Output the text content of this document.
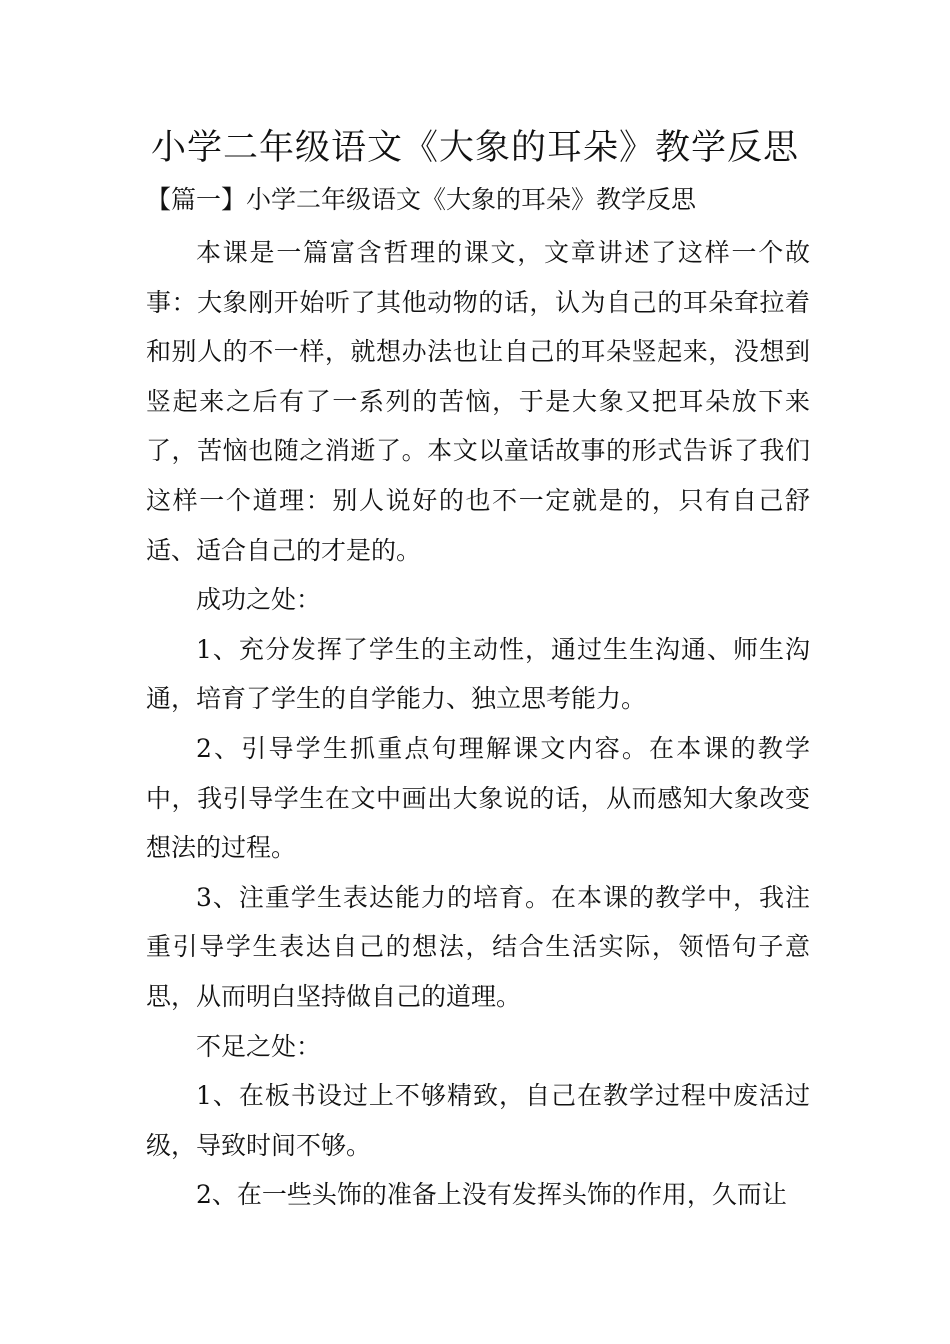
小学二年级语文《大象的耳朵》教学反思

【篇一】小学二年级语文《大象的耳朵》教学反思

本课是一篇富含哲理的课文，文章讲述了这样一个故事：大象刚开始听了其他动物的话，认为自己的耳朵耷拉着和别人的不一样，就想办法也让自己的耳朵竖起来，没想到竖起来之后有了一系列的苦恼，于是大象又把耳朵放下来了，苦恼也随之消逝了。本文以童话故事的形式告诉了我们这样一个道理：别人说好的也不一定就是的，只有自己舒适、适合自己的才是的。

成功之处：

1、充分发挥了学生的主动性，通过生生沟通、师生沟通，培育了学生的自学能力、独立思考能力。

2、引导学生抓重点句理解课文内容。在本课的教学中，我引导学生在文中画出大象说的话，从而感知大象改变想法的过程。

3、注重学生表达能力的培育。在本课的教学中，我注重引导学生表达自己的想法，结合生活实际，领悟句子意思，从而明白坚持做自己的道理。

不足之处：

1、在板书设过上不够精致，自己在教学过程中废活过级，导致时间不够。

2、在一些头饰的准备上没有发挥头饰的作用，久而让
